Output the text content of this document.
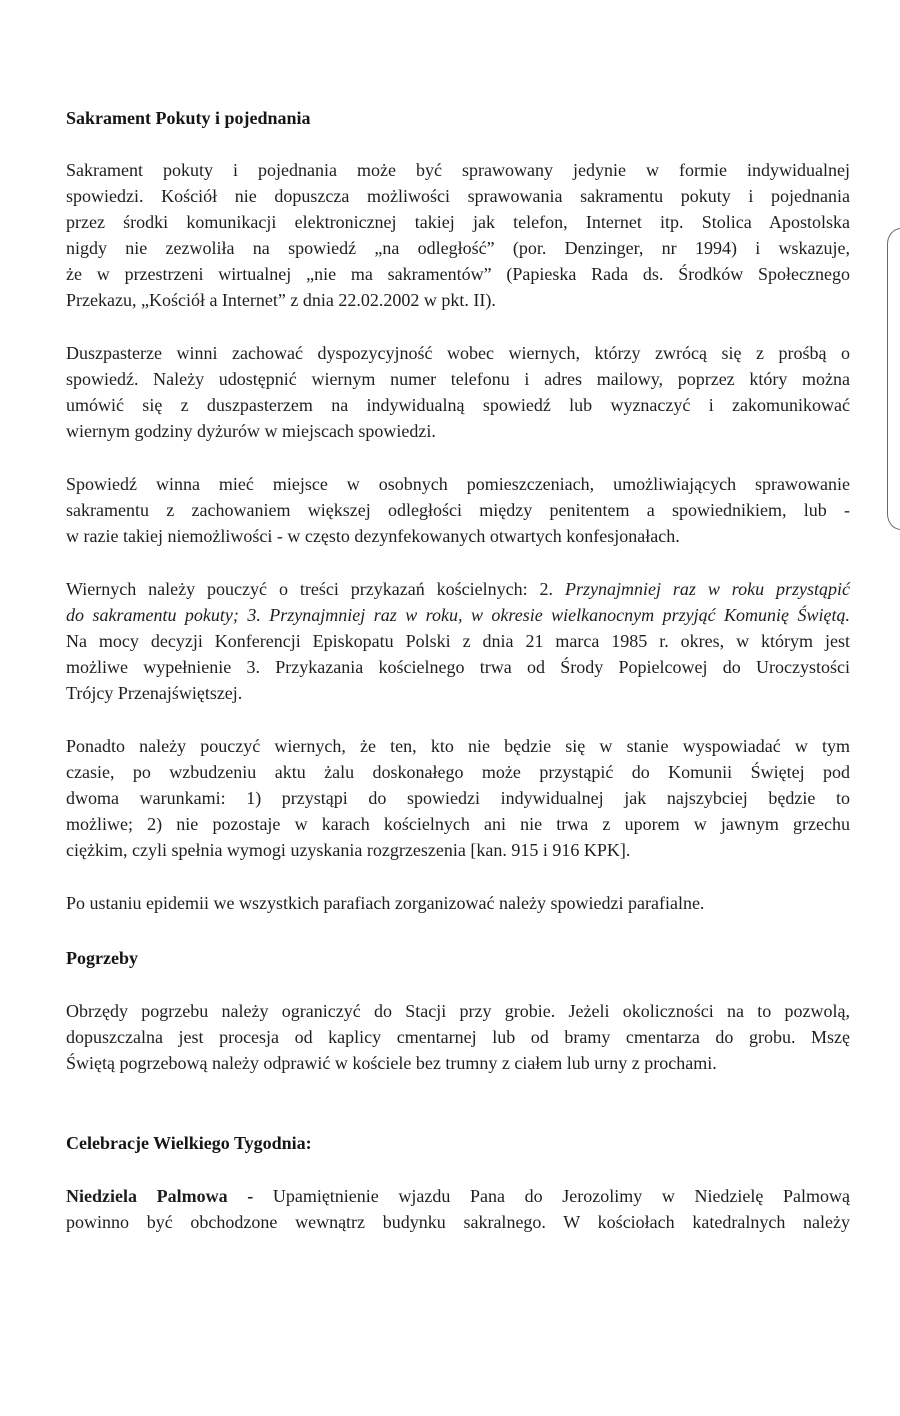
Sakrament Pokuty i pojednania
Sakrament pokuty i pojednania może być sprawowany jedynie w formie indywidualnej
spowiedzi. Kościół nie dopuszcza możliwości sprawowania sakramentu pokuty i pojednania
przez środki komunikacji elektronicznej takiej jak telefon, Internet itp. Stolica Apostolska
nigdy nie zezwoliła na spowiedź „na odległość” (por. Denzinger, nr 1994) i wskazuje,
że w przestrzeni wirtualnej „nie ma sakramentów” (Papieska Rada ds. Środków Społecznego
Przekazu, „Kościół a Internet” z dnia 22.02.2002 w pkt. II).
Duszpasterze winni zachować dyspozycyjność wobec wiernych, którzy zwrócą się z prośbą o
spowiedź. Należy udostępnić wiernym numer telefonu i adres mailowy, poprzez który można
umówić się z duszpasterzem na indywidualną spowiedź lub wyznaczyć i zakomunikować
wiernym godziny dyżurów w miejscach spowiedzi.
Spowiedź winna mieć miejsce w osobnych pomieszczeniach, umożliwiających sprawowanie
sakramentu z zachowaniem większej odległości między penitentem a spowiednikiem, lub -
w razie takiej niemożliwości - w często dezynfekowanych otwartych konfesjonałach.
Wiernych należy pouczyć o treści przykazań kościelnych: 2. Przynajmniej raz w roku przystąpić
do sakramentu pokuty; 3. Przynajmniej raz w roku, w okresie wielkanocnym przyjąć Komunię Świętą.
Na mocy decyzji Konferencji Episkopatu Polski z dnia 21 marca 1985 r. okres, w którym jest
możliwe wypełnienie 3. Przykazania kościelnego trwa od Środy Popielcowej do Uroczystości
Trójcy Przenajświętszej.
Ponadto należy pouczyć wiernych, że ten, kto nie będzie się w stanie wyspowiadać w tym
czasie, po wzbudzeniu aktu żalu doskonałego może przystąpić do Komunii Świętej pod
dwoma warunkami: 1) przystąpi do spowiedzi indywidualnej jak najszybciej będzie to
możliwe; 2) nie pozostaje w karach kościelnych ani nie trwa z uporem w jawnym grzechu
ciężkim, czyli spełnia wymogi uzyskania rozgrzeszenia [kan. 915 i 916 KPK].
Po ustaniu epidemii we wszystkich parafiach zorganizować należy spowiedzi parafialne.
Pogrzeby
Obrzędy pogrzebu należy ograniczyć do Stacji przy grobie. Jeżeli okoliczności na to pozwolą,
dopuszczalna jest procesja od kaplicy cmentarnej lub od bramy cmentarza do grobu. Mszę
Świętą pogrzebową należy odprawić w kościele bez trumny z ciałem lub urny z prochami.
Celebracje Wielkiego Tygodnia:
Niedziela Palmowa - Upamiętnienie wjazdu Pana do Jerozolimy w Niedzielę Palmową
powinno być obchodzone wewnątrz budynku sakralnego. W kościołach katedralnych należy
